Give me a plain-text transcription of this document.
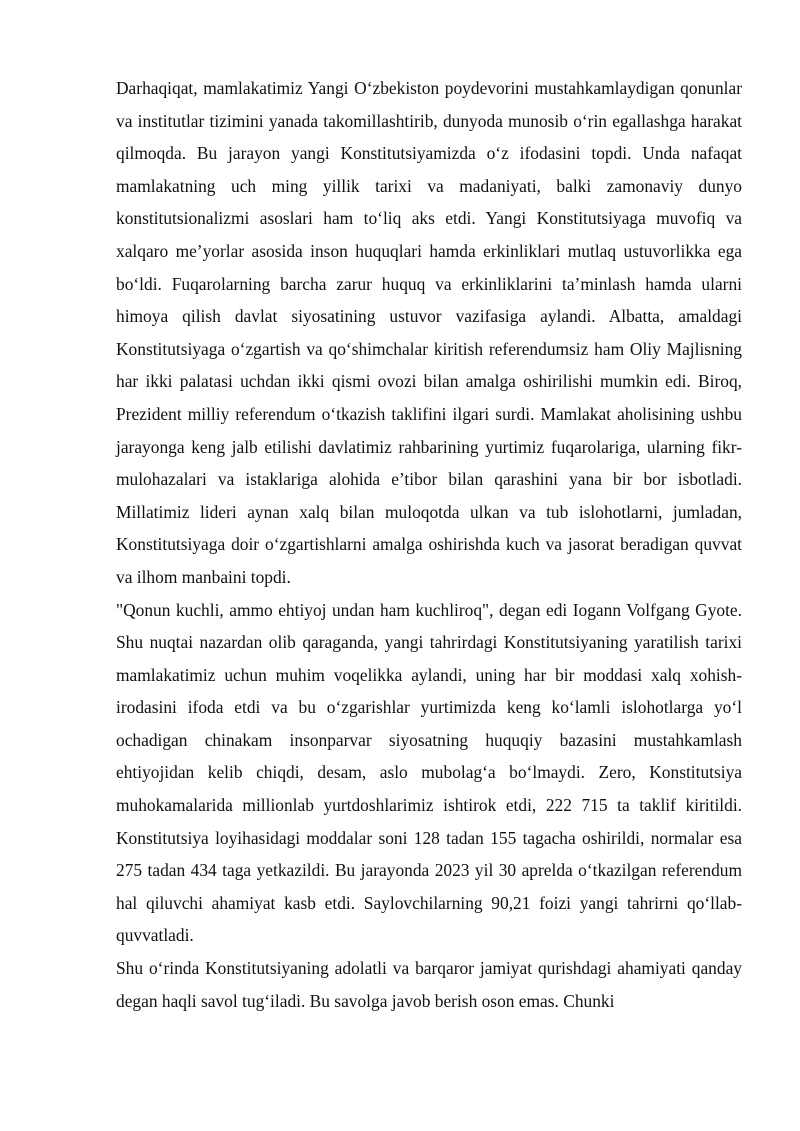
Darhaqiqat, mamlakatimiz Yangi O‘zbekiston poydevorini mustahkamlaydigan qonunlar va institutlar tizimini yanada takomillashtirib, dunyoda munosib o‘rin egallashga harakat qilmoqda. Bu jarayon yangi Konstitutsiyamizda o‘z ifodasini topdi. Unda nafaqat mamlakatning uch ming yillik tarixi va madaniyati, balki zamonaviy dunyo konstitutsionalizmi asoslari ham to‘liq aks etdi. Yangi Konstitutsiyaga muvofiq va xalqaro me’yorlar asosida inson huquqlari hamda erkinliklari mutlaq ustuvorlikka ega bo‘ldi. Fuqarolarning barcha zarur huquq va erkinliklarini ta’minlash hamda ularni himoya qilish davlat siyosatining ustuvor vazifasiga aylandi. Albatta, amaldagi Konstitutsiyaga o‘zgartish va qo‘shimchalar kiritish referendumsiz ham Oliy Majlisning har ikki palatasi uchdan ikki qismi ovozi bilan amalga oshirilishi mumkin edi. Biroq, Prezident milliy referendum o‘tkazish taklifini ilgari surdi. Mamlakat aholisining ushbu jarayonga keng jalb etilishi davlatimiz rahbarining yurtimiz fuqarolariga, ularning fikr-mulohazalari va istaklariga alohida e’tibor bilan qarashini yana bir bor isbotladi. Millatimiz lideri aynan xalq bilan muloqotda ulkan va tub islohotlarni, jumladan, Konstitutsiyaga doir o‘zgartishlarni amalga oshirishda kuch va jasorat beradigan quvvat va ilhom manbaini topdi.

"Qonun kuchli, ammo ehtiyoj undan ham kuchliroq", degan edi Iogann Volfgang Gyote. Shu nuqtai nazardan olib qaraganda, yangi tahrirdagi Konstitutsiyaning yaratilish tarixi mamlakatimiz uchun muhim voqelikka aylandi, uning har bir moddasi xalq xohish-irodasini ifoda etdi va bu o‘zgarishlar yurtimizda keng ko‘lamli islohotlarga yo‘l ochadigan chinakam insonparvar siyosatning huquqiy bazasini mustahkamlash ehtiyojidan kelib chiqdi, desam, aslo mubolag‘a bo‘lmaydi. Zero, Konstitutsiya muhokamalarida millionlab yurtdoshlarimiz ishtirok etdi, 222 715 ta taklif kiritildi. Konstitutsiya loyihasidagi moddalar soni 128 tadan 155 tagacha oshirildi, normalar esa 275 tadan 434 taga yetkazildi. Bu jarayonda 2023 yil 30 aprelda o‘tkazilgan referendum hal qiluvchi ahamiyat kasb etdi. Saylovchilarning 90,21 foizi yangi tahrirni qo‘llab-quvvatladi.

Shu o‘rinda Konstitutsiyaning adolatli va barqaror jamiyat qurishdagi ahamiyati qanday degan haqli savol tug‘iladi. Bu savolga javob berish oson emas. Chunki
